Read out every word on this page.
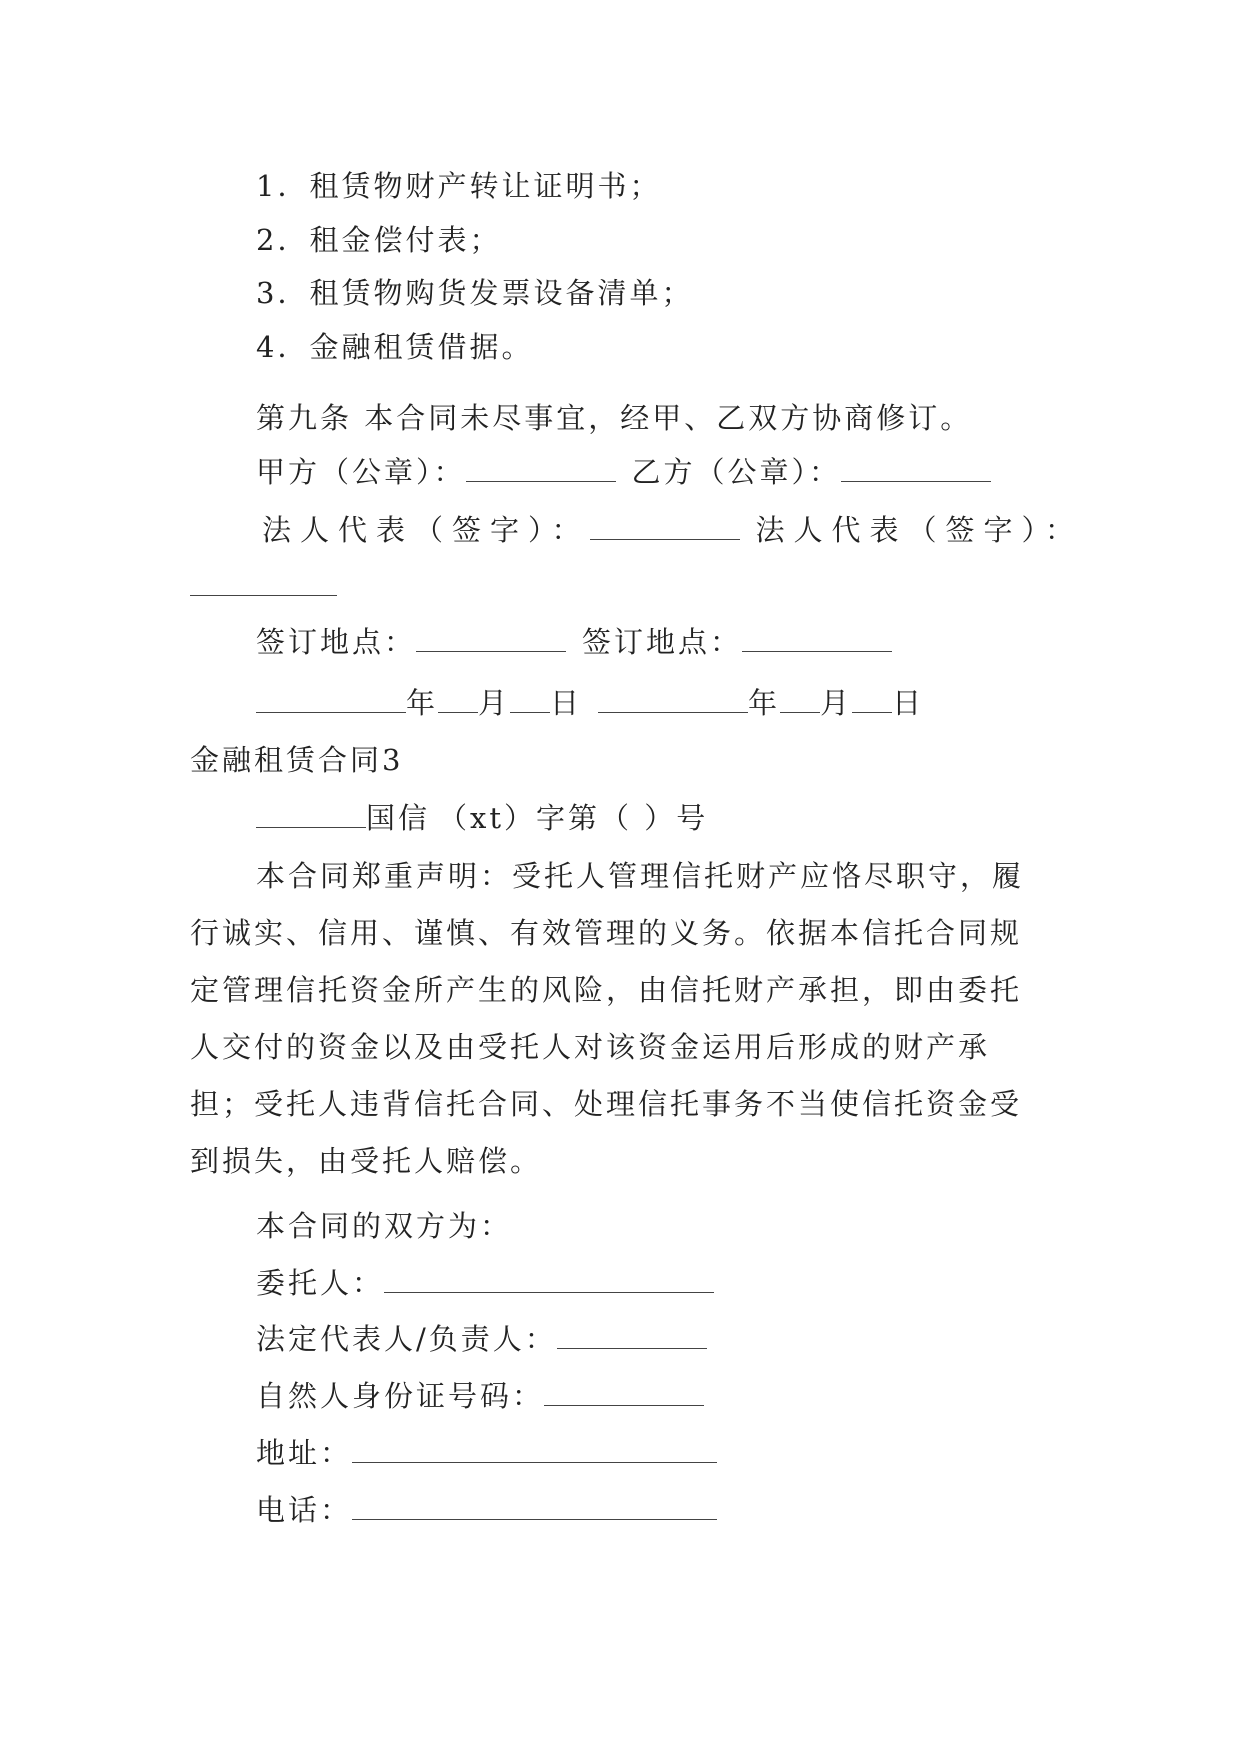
1．租赁物财产转让证明书；
2．租金偿付表；
3．租赁物购货发票设备清单；
4．金融租赁借据。
第九条 本合同未尽事宜，经甲、乙双方协商修订。
甲方（公章）：	乙方（公章）：
法人代表（签字）：	法人代表（签字）：
签订地点：	签订地点：
年 月 日	年 月 日
金融租赁合同3
国信 （xt）字第（ ）号
本合同郑重声明：受托人管理信托财产应恪尽职守，履
行诚实、信用、谨慎、有效管理的义务。依据本信托合同规
定管理信托资金所产生的风险，由信托财产承担，即由委托
人交付的资金以及由受托人对该资金运用后形成的财产承
担；受托人违背信托合同、处理信托事务不当使信托资金受
到损失，由受托人赔偿。
本合同的双方为：
委托人：
法定代表人/负责人：
自然人身份证号码：
地址：
电话：
